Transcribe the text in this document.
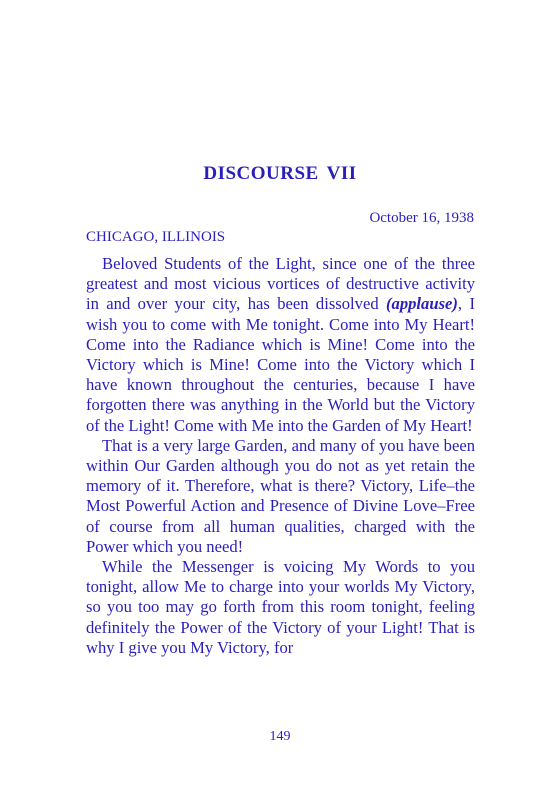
DISCOURSE VII
October 16, 1938
CHICAGO, ILLINOIS

Beloved Students of the Light, since one of the three greatest and most vicious vortices of destructive activity in and over your city, has been dissolved (applause), I wish you to come with Me tonight. Come into My Heart! Come into the Radiance which is Mine! Come into the Victory which is Mine! Come into the Victory which I have known throughout the centuries, because I have forgotten there was anything in the World but the Victory of the Light! Come with Me into the Garden of My Heart!

That is a very large Garden, and many of you have been within Our Garden although you do not as yet retain the memory of it. Therefore, what is there? Victory, Life–the Most Powerful Action and Presence of Divine Love–Free of course from all human qualities, charged with the Power which you need!

While the Messenger is voicing My Words to you tonight, allow Me to charge into your worlds My Victory, so you too may go forth from this room tonight, feeling definitely the Power of the Victory of your Light! That is why I give you My Victory, for

149
